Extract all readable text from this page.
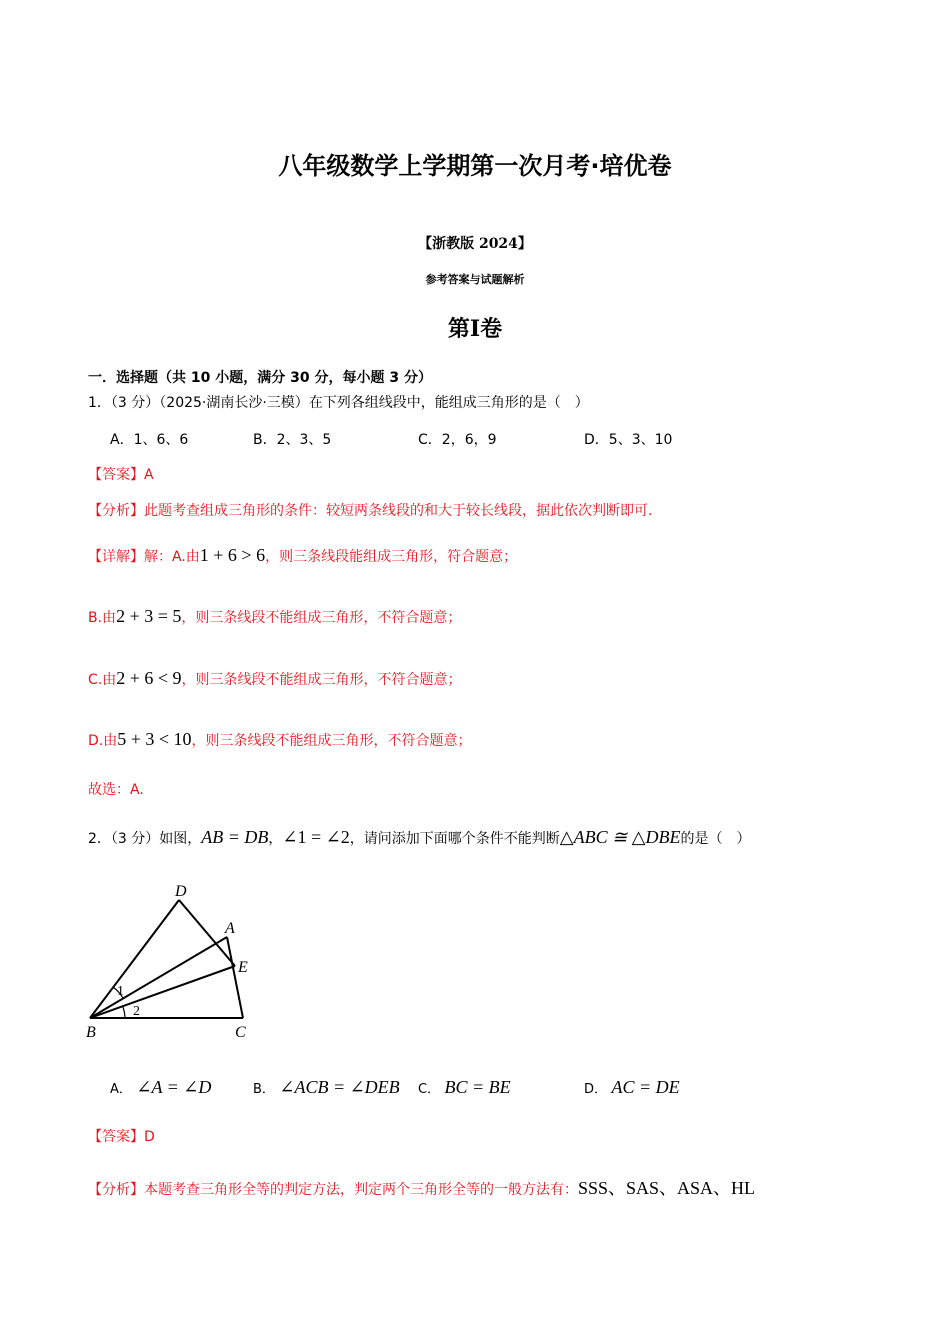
八年级数学上学期第一次月考·培优卷
【浙教版 2024】
参考答案与试题解析
第Ⅰ卷
一．选择题（共 10 小题，满分 30 分，每小题 3 分）
1．（3 分）（2025·湖南长沙·三模）在下列各组线段中，能组成三角形的是（　）
A．1、6、6	B．2、3、5	C．2，6，9	D．5、3、10
【答案】A
【分析】此题考查组成三角形的条件：较短两条线段的和大于较长线段，据此依次判断即可.
【详解】解：A.由1 + 6 > 6，则三条线段能组成三角形，符合题意；
B.由2 + 3 = 5，则三条线段不能组成三角形，不符合题意；
C.由2 + 6 < 9，则三条线段不能组成三角形，不符合题意；
D.由5 + 3 < 10，则三条线段不能组成三角形，不符合题意；
故选：A.
2．（3 分）如图，AB = DB，∠1 = ∠2，请问添加下面哪个条件不能判断△ABC ≅ △DBE的是（　）
D
A
E
B	C
1
2
A． ∠A = ∠D	B． ∠ACB = ∠DEB C． BC = BE	D． AC = DE
【答案】D
【分析】本题考查三角形全等的判定方法，判定两个三角形全等的一般方法有：SSS、SAS、ASA、HL
